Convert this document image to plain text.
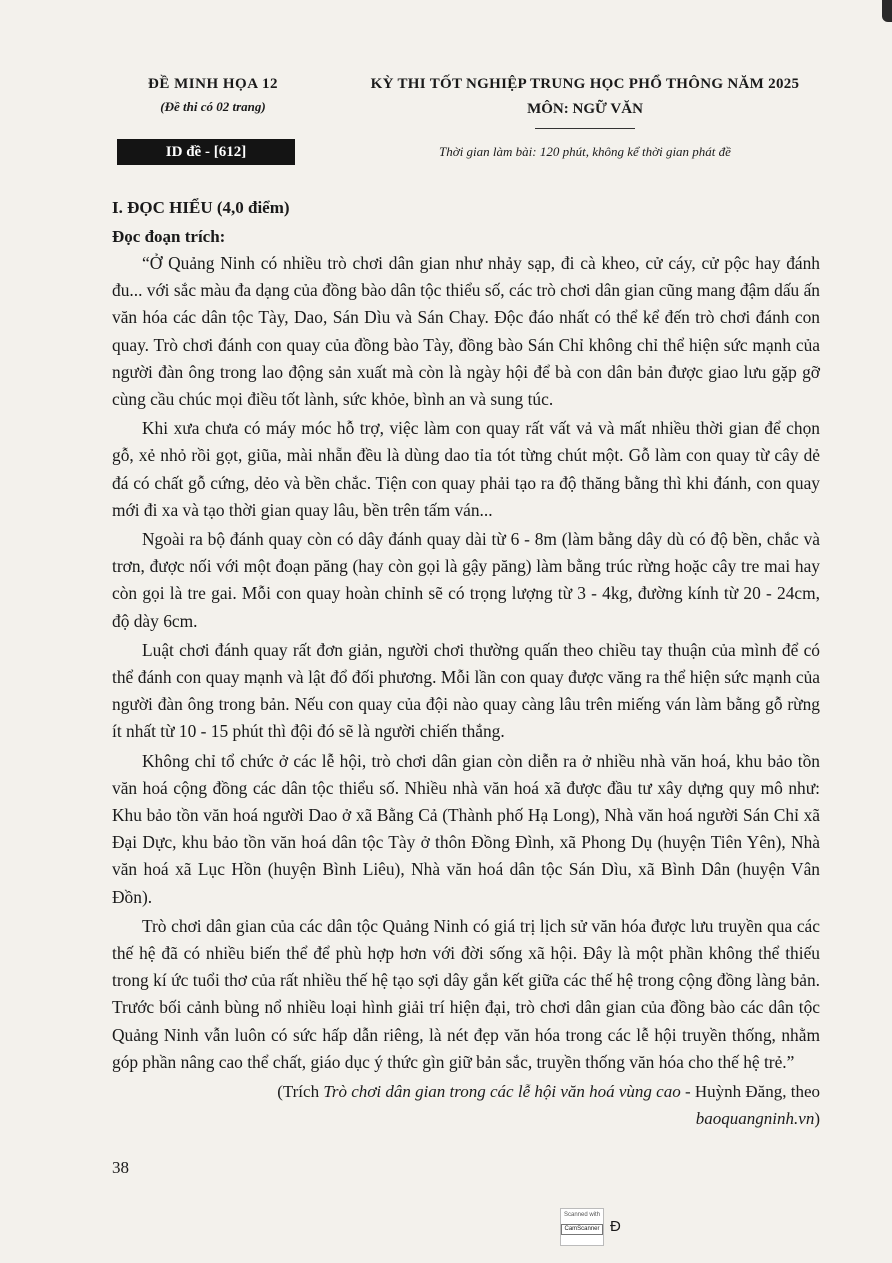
ĐỀ MINH HỌA 12
(Đề thi có 02 trang)
ID đề - [612]
KỲ THI TỐT NGHIỆP TRUNG HỌC PHỔ THÔNG NĂM 2025
MÔN: NGỮ VĂN
Thời gian làm bài: 120 phút, không kể thời gian phát đề
I. ĐỌC HIỂU (4,0 điểm)
Đọc đoạn trích:

“Ở Quảng Ninh có nhiều trò chơi dân gian như nhảy sạp, đi cà kheo, cử cáy, cử pộc hay đánh đu... với sắc màu đa dạng của đồng bào dân tộc thiểu số, các trò chơi dân gian cũng mang đậm dấu ấn văn hóa các dân tộc Tày, Dao, Sán Dìu và Sán Chay. Độc đáo nhất có thể kể đến trò chơi đánh con quay. Trò chơi đánh con quay của đồng bào Tày, đồng bào Sán Chỉ không chỉ thể hiện sức mạnh của người đàn ông trong lao động sản xuất mà còn là ngày hội để bà con dân bản được giao lưu gặp gỡ cùng cầu chúc mọi điều tốt lành, sức khỏe, bình an và sung túc.

Khi xưa chưa có máy móc hỗ trợ, việc làm con quay rất vất vả và mất nhiều thời gian để chọn gỗ, xẻ nhỏ rồi gọt, giũa, mài nhẵn đều là dùng dao tỉa tót từng chút một. Gỗ làm con quay từ cây dẻ đá có chất gỗ cứng, dẻo và bền chắc. Tiện con quay phải tạo ra độ thăng bằng thì khi đánh, con quay mới đi xa và tạo thời gian quay lâu, bền trên tấm ván...

Ngoài ra bộ đánh quay còn có dây đánh quay dài từ 6 - 8m (làm bằng dây dù có độ bền, chắc và trơn, được nối với một đoạn păng (hay còn gọi là gậy păng) làm bằng trúc rừng hoặc cây tre mai hay còn gọi là tre gai. Mỗi con quay hoàn chỉnh sẽ có trọng lượng từ 3 - 4kg, đường kính từ 20 - 24cm, độ dày 6cm.

Luật chơi đánh quay rất đơn giản, người chơi thường quấn theo chiều tay thuận của mình để có thể đánh con quay mạnh và lật đổ đối phương. Mỗi lần con quay được văng ra thể hiện sức mạnh của người đàn ông trong bản. Nếu con quay của đội nào quay càng lâu trên miếng ván làm bằng gỗ rừng ít nhất từ 10 - 15 phút thì đội đó sẽ là người chiến thắng.

Không chỉ tổ chức ở các lễ hội, trò chơi dân gian còn diễn ra ở nhiều nhà văn hoá, khu bảo tồn văn hoá cộng đồng các dân tộc thiểu số. Nhiều nhà văn hoá xã được đầu tư xây dựng quy mô như: Khu bảo tồn văn hoá người Dao ở xã Bằng Cả (Thành phố Hạ Long), Nhà văn hoá người Sán Chỉ xã Đại Dực, khu bảo tồn văn hoá dân tộc Tày ở thôn Đồng Đình, xã Phong Dụ (huyện Tiên Yên), Nhà văn hoá xã Lục Hồn (huyện Bình Liêu), Nhà văn hoá dân tộc Sán Dìu, xã Bình Dân (huyện Vân Đồn).

Trò chơi dân gian của các dân tộc Quảng Ninh có giá trị lịch sử văn hóa được lưu truyền qua các thế hệ đã có nhiều biến thể để phù hợp hơn với đời sống xã hội. Đây là một phần không thể thiếu trong kí ức tuổi thơ của rất nhiều thế hệ tạo sợi dây gắn kết giữa các thế hệ trong cộng đồng làng bản. Trước bối cảnh bùng nổ nhiều loại hình giải trí hiện đại, trò chơi dân gian của đồng bào các dân tộc Quảng Ninh vẫn luôn có sức hấp dẫn riêng, là nét đẹp văn hóa trong các lễ hội truyền thống, nhằm góp phần nâng cao thể chất, giáo dục ý thức gìn giữ bản sắc, truyền thống văn hóa cho thế hệ trẻ.”

(Trích Trò chơi dân gian trong các lễ hội văn hoá vùng cao - Huỳnh Đăng, theo
baoquangninh.vn)
38
Scanned with
CamScanner Đ
